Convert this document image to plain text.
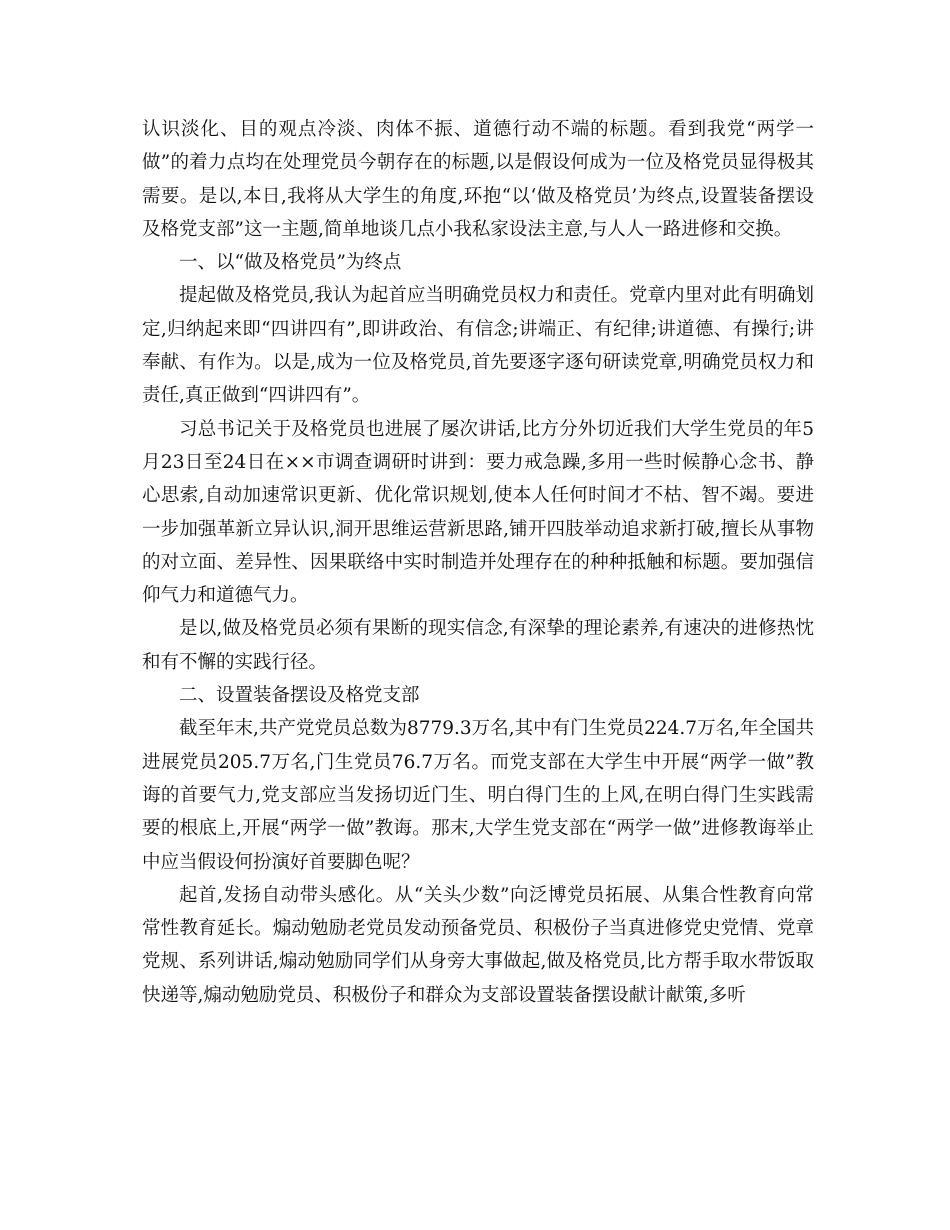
认识淡化、目的观点冷淡、肉体不振、道德行动不端的标题。看到我党“两学一做”的着力点均在处理党员今朝存在的标题,以是假设何成为一位及格党员显得极其需要。是以,本日,我将从大学生的角度,环抱“以‘做及格党员’为终点,设置装备摆设及格党支部”这一主题,简单地谈几点小我私家设法主意,与人人一路进修和交换。

一、以“做及格党员”为终点

提起做及格党员,我认为起首应当明确党员权力和责任。党章内里对此有明确划定,归纳起来即“四讲四有”,即讲政治、有信念;讲端正、有纪律;讲道德、有操行;讲奉献、有作为。以是,成为一位及格党员,首先要逐字逐句研读党章,明确党员权力和责任,真正做到“四讲四有”。

习总书记关于及格党员也进展了屡次讲话,比方分外切近我们大学生党员的年5月23日至24日在××市调查调研时讲到：要力戒急躁,多用一些时候静心念书、静心思索,自动加速常识更新、优化常识规划,使本人任何时间才不枯、智不竭。要进一步加强革新立异认识,洞开思维运营新思路,铺开四肢举动追求新打破,擅长从事物的对立面、差异性、因果联络中实时制造并处理存在的种种抵触和标题。要加强信仰气力和道德气力。

是以,做及格党员必须有果断的现实信念,有深挚的理论素养,有速决的进修热忱和有不懈的实践行径。

二、设置装备摆设及格党支部

截至年末,共产党党员总数为8779.3万名,其中有门生党员224.7万名,年全国共进展党员205.7万名,门生党员76.7万名。而党支部在大学生中开展“两学一做”教诲的首要气力,党支部应当发扬切近门生、明白得门生的上风,在明白得门生实践需要的根底上,开展“两学一做”教诲。那末,大学生党支部在“两学一做”进修教诲举止中应当假设何扮演好首要脚色呢？

起首,发扬自动带头感化。从“关头少数”向泛博党员拓展、从集合性教育向常常性教育延长。煽动勉励老党员发动预备党员、积极份子当真进修党史党情、党章党规、系列讲话,煽动勉励同学们从身旁大事做起,做及格党员,比方帮手取水带饭取快递等,煽动勉励党员、积极份子和群众为支部设置装备摆设献计献策,多听
